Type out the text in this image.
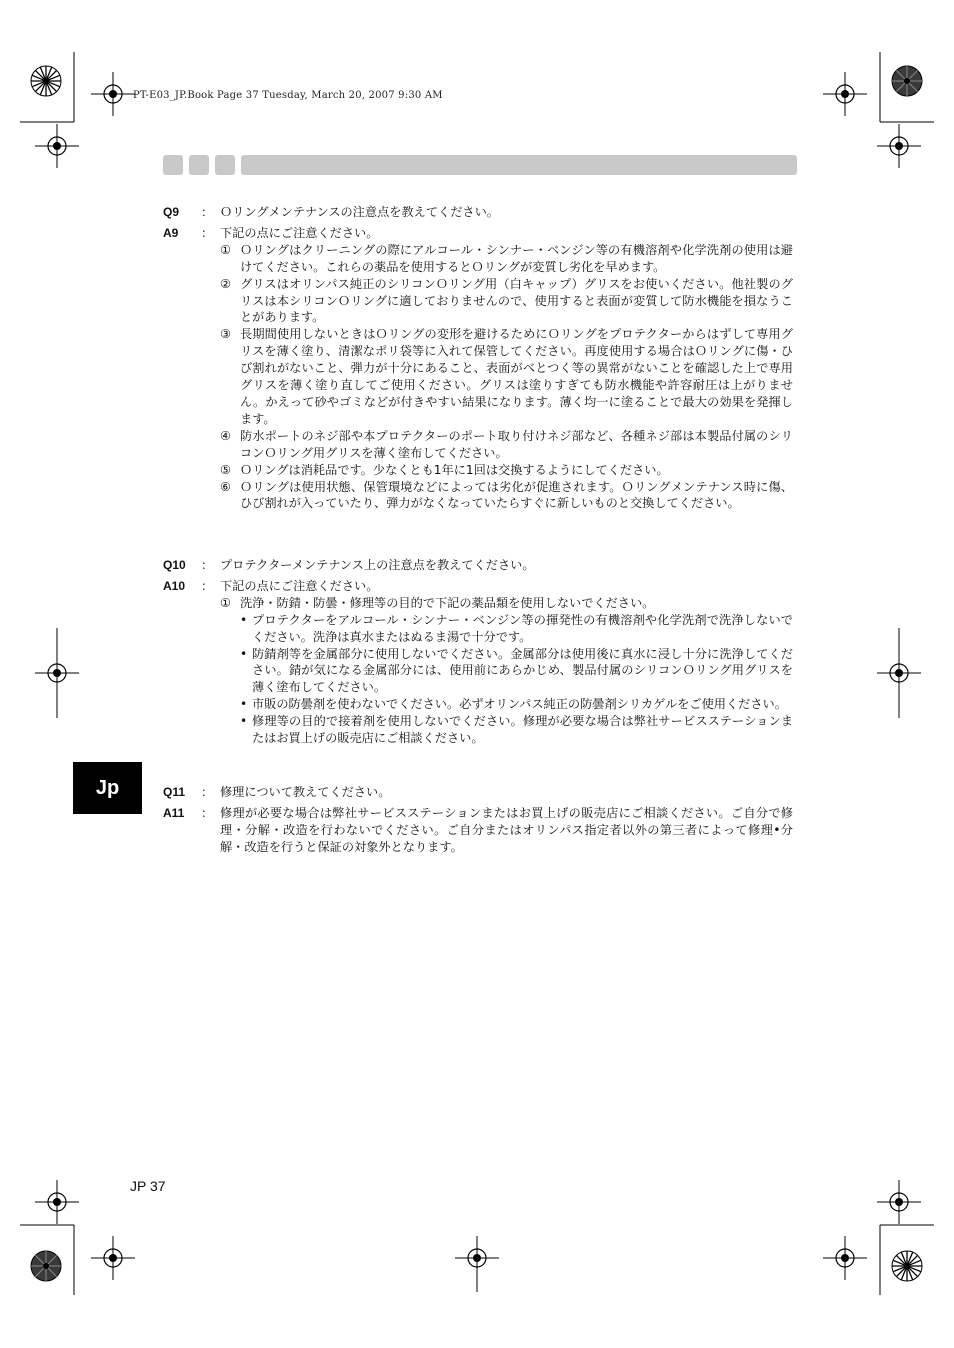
PT-E03_JP.Book Page 37 Tuesday, March 20, 2007 9:30 AM
Q9	： Ｏリングメンテナンスの注意点を教えてください。
A9	： 下記の点にご注意ください。
① Ｏリングはクリーニングの際にアルコール・シンナー・ベンジン等の有機溶剤や化学洗剤の使用は避けてください。これらの薬品を使用するとＯリングが変質し劣化を早めます。
② グリスはオリンパス純正のシリコンＯリング用（白キャップ）グリスをお使いください。他社製のグリスは本シリコンＯリングに適しておりませんので、使用すると表面が変質して防水機能を損なうことがあります。
③ 長期間使用しないときはＯリングの変形を避けるためにＯリングをプロテクターからはずして専用グリスを薄く塗り、清潔なポリ袋等に入れて保管してください。再度使用する場合はＯリングに傷・ひび割れがないこと、弾力が十分にあること、表面がべとつく等の異常がないことを確認した上で専用グリスを薄く塗り直してご使用ください。グリスは塗りすぎても防水機能や許容耐圧は上がりません。かえって砂やゴミなどが付きやすい結果になります。薄く均一に塗ることで最大の効果を発揮します。
④ 防水ポートのネジ部や本プロテクターのポート取り付けネジ部など、各種ネジ部は本製品付属のシリコンＯリング用グリスを薄く塗布してください。
⑤ Ｏリングは消耗品です。少なくとも1年に1回は交換するようにしてください。
⑥ Ｏリングは使用状態、保管環境などによっては劣化が促進されます。Ｏリングメンテナンス時に傷、ひび割れが入っていたり、弾力がなくなっていたらすぐに新しいものと交換してください。
Q10	： プロテクターメンテナンス上の注意点を教えてください。
A10	： 下記の点にご注意ください。
① 洗浄・防錆・防曇・修理等の目的で下記の薬品類を使用しないでください。
• プロテクターをアルコール・シンナー・ベンジン等の揮発性の有機溶剤や化学洗剤で洗浄しないでください。洗浄は真水またはぬるま湯で十分です。
• 防錆剤等を金属部分に使用しないでください。金属部分は使用後に真水に浸し十分に洗浄してください。錆が気になる金属部分には、使用前にあらかじめ、製品付属のシリコンＯリング用グリスを薄く塗布してください。
• 市販の防曇剤を使わないでください。必ずオリンパス純正の防曇剤シリカゲルをご使用ください。
• 修理等の目的で接着剤を使用しないでください。修理が必要な場合は弊社サービスステーションまたはお買上げの販売店にご相談ください。
Q11	： 修理について教えてください。
A11	： 修理が必要な場合は弊社サービスステーションまたはお買上げの販売店にご相談ください。ご自分で修理・分解・改造を行わないでください。ご自分またはオリンパス指定者以外の第三者によって修理•分解・改造を行うと保証の対象外となります。
Jp
JP 37
